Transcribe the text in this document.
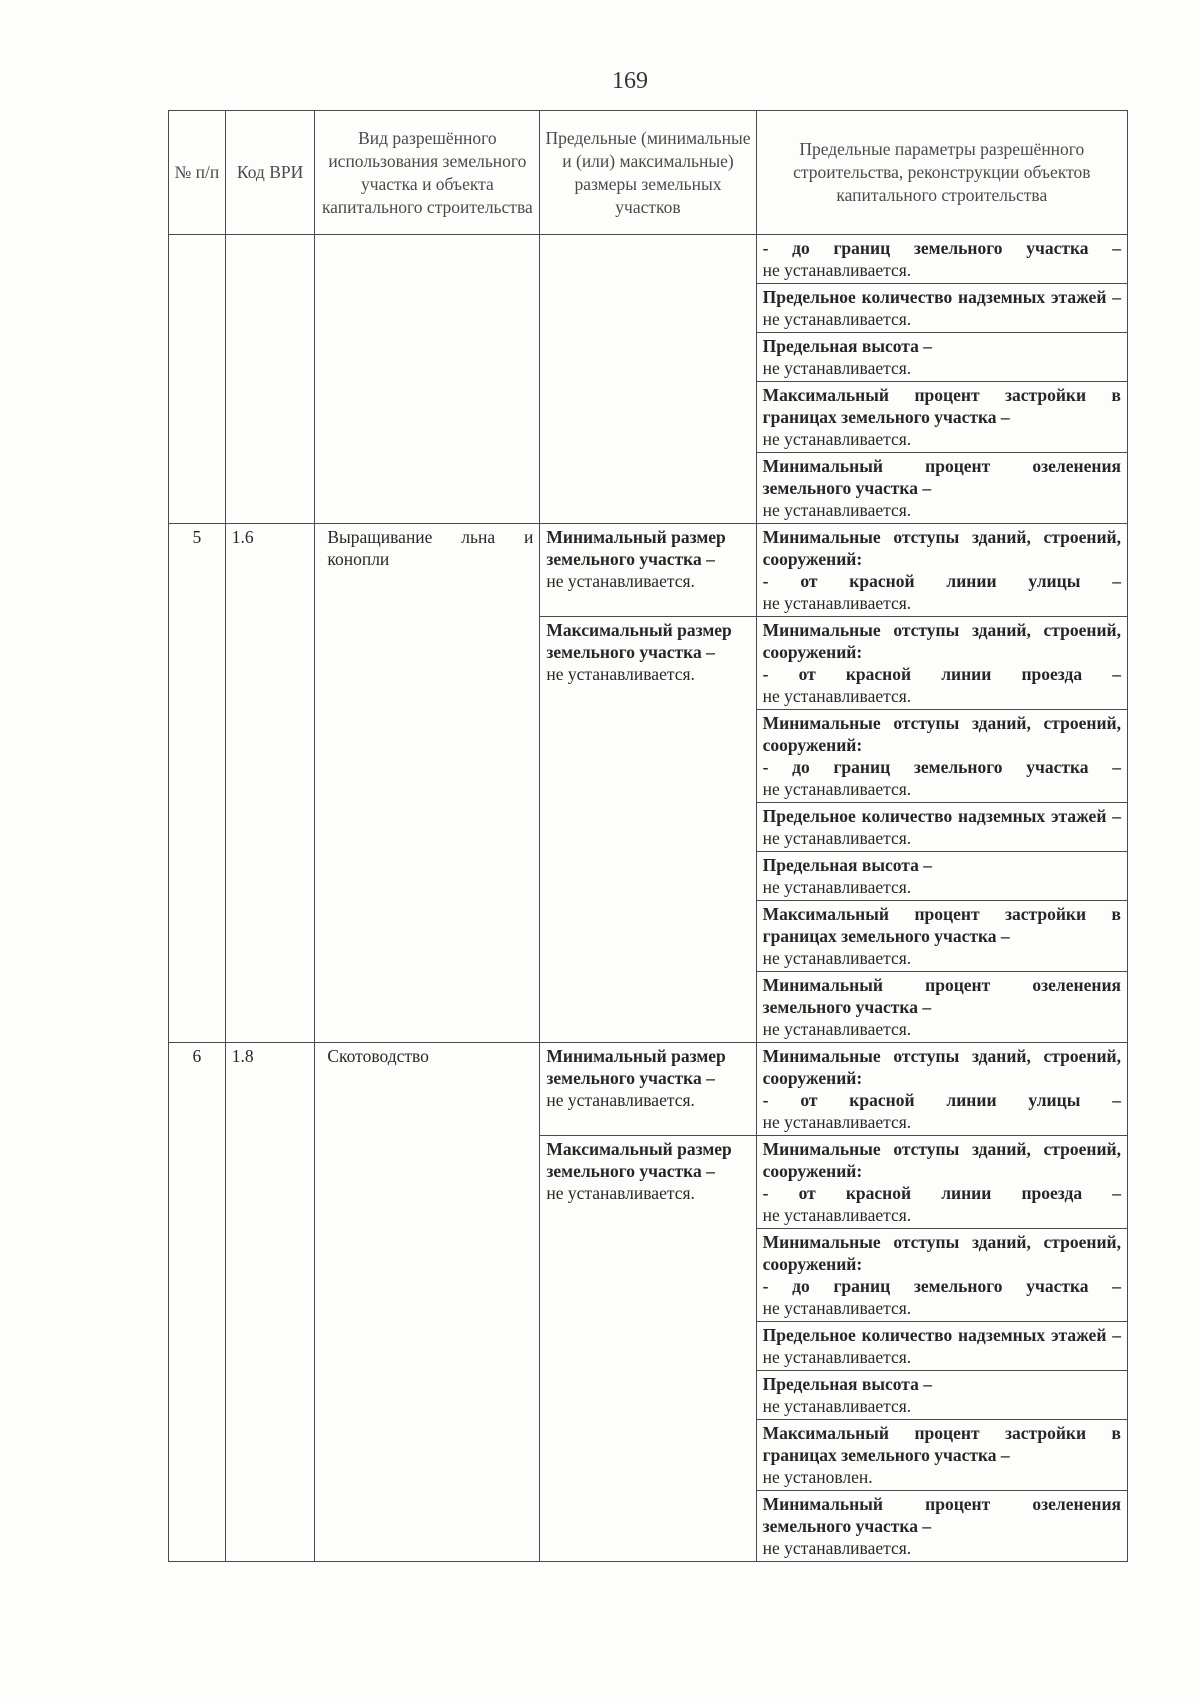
169
№ п/п	Код ВРИ	Вид разрешённого использования земельного участка и объекта капитального строительства	Предельные (минимальные и (или) максимальные) размеры земельных участков	Предельные параметры разрешённого строительства, реконструкции объектов капитального строительства

				- до границ земельного участка –
не устанавливается.

				Предельное количество надземных этажей – не устанавливается.

				Предельная высота –
не устанавливается.

				Максимальный процент застройки в границах земельного участка –
не устанавливается.

				Минимальный процент озеленения земельного участка –
не устанавливается.

5	1.6	Выращивание льна и конопли	Минимальный размер земельного участка –
не устанавливается.	Минимальные отступы зданий, строений, сооружений:
- от красной линии улицы –
не устанавливается.

			Максимальный размер земельного участка –
не устанавливается.	Минимальные отступы зданий, строений, сооружений:
- от красной линии проезда –
не устанавливается.

				Минимальные отступы зданий, строений, сооружений:
- до границ земельного участка –
не устанавливается.

				Предельное количество надземных этажей – не устанавливается.

				Предельная высота –
не устанавливается.

				Максимальный процент застройки в границах земельного участка –
не устанавливается.

				Минимальный процент озеленения земельного участка –
не устанавливается.

6	1.8	Скотоводство	Минимальный размер земельного участка –
не устанавливается.	Минимальные отступы зданий, строений, сооружений:
- от красной линии улицы –
не устанавливается.

			Максимальный размер земельного участка –
не устанавливается.	Минимальные отступы зданий, строений, сооружений:
- от красной линии проезда –
не устанавливается.

				Минимальные отступы зданий, строений, сооружений:
- до границ земельного участка –
не устанавливается.

				Предельное количество надземных этажей – не устанавливается.

				Предельная высота –
не устанавливается.

				Максимальный процент застройки в границах земельного участка –
не установлен.

				Минимальный процент озеленения земельного участка –
не устанавливается.
